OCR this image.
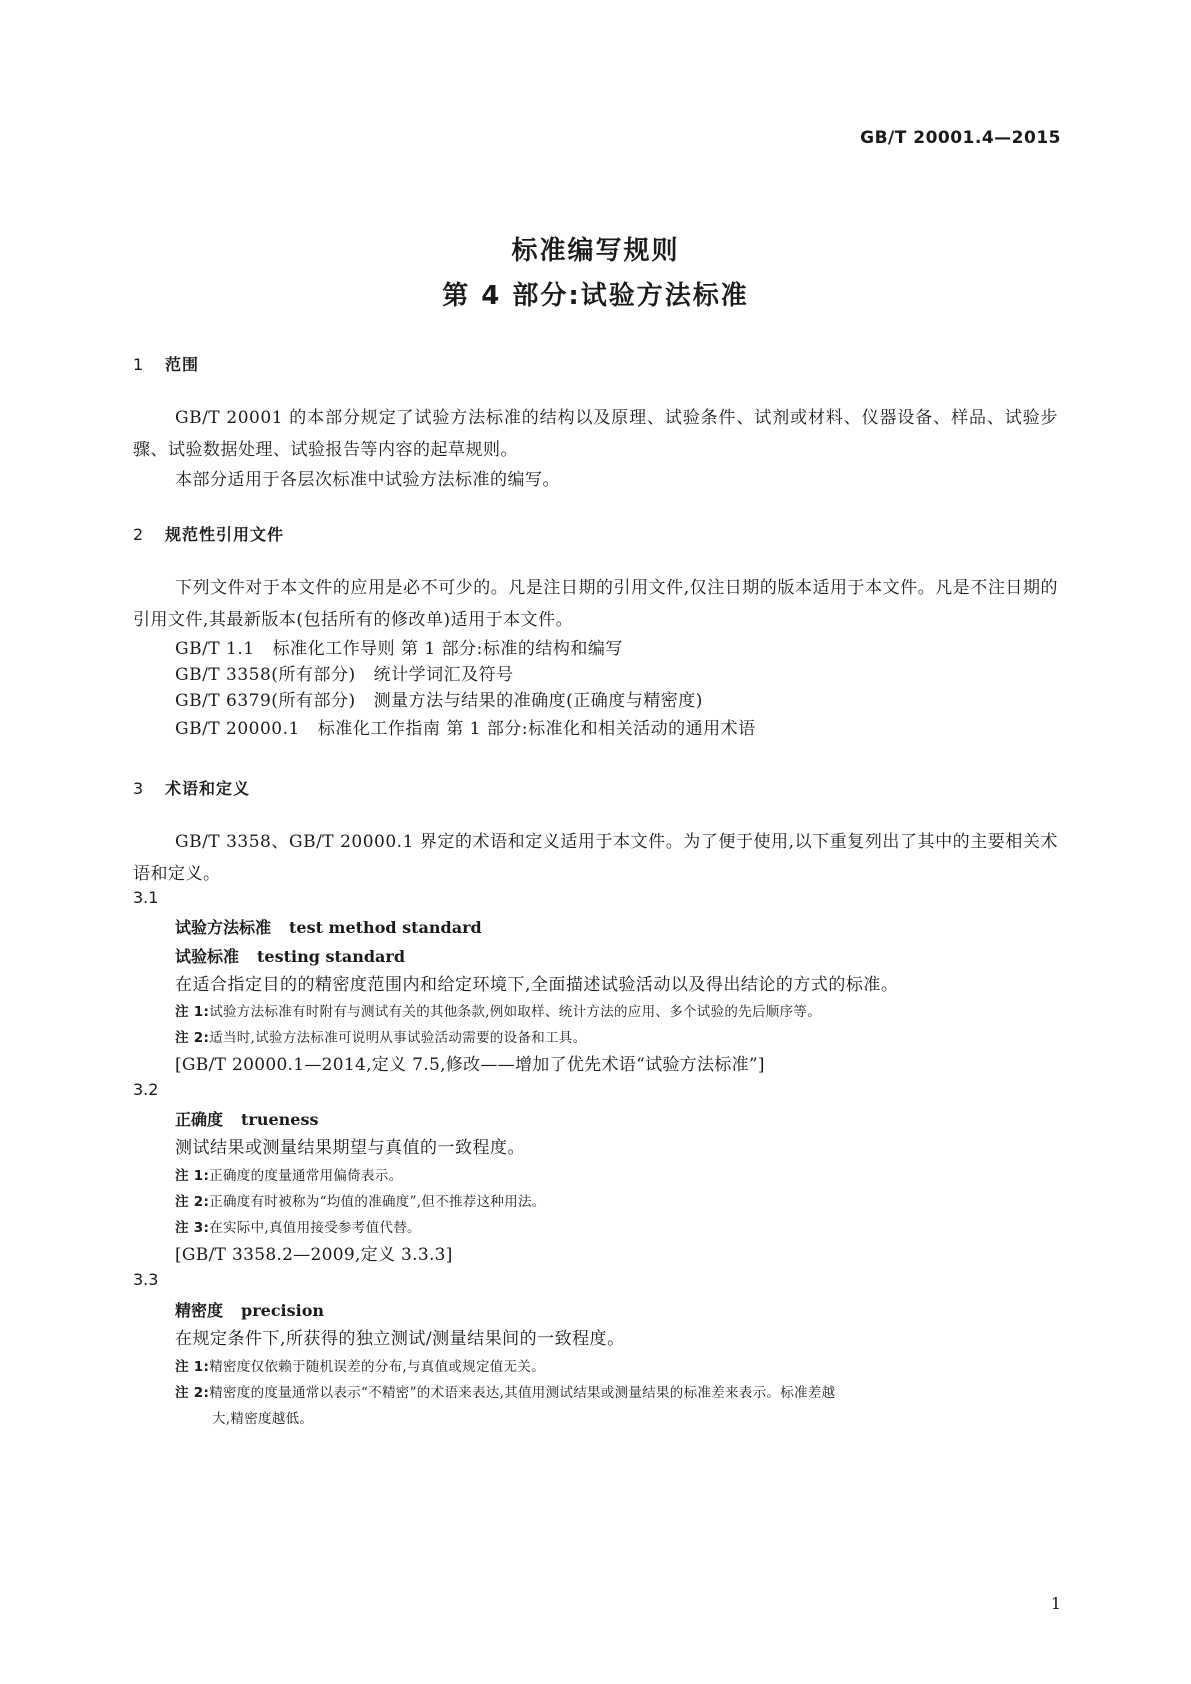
GB/T 20001.4—2015
标准编写规则
第 4 部分:试验方法标准
1 范围
GB/T 20001 的本部分规定了试验方法标准的结构以及原理、试验条件、试剂或材料、仪器设备、样品、试验步骤、试验数据处理、试验报告等内容的起草规则。
本部分适用于各层次标准中试验方法标准的编写。
2 规范性引用文件
下列文件对于本文件的应用是必不可少的。凡是注日期的引用文件,仅注日期的版本适用于本文件。凡是不注日期的引用文件,其最新版本(包括所有的修改单)适用于本文件。
GB/T 1.1 标准化工作导则 第 1 部分:标准的结构和编写
GB/T 3358(所有部分) 统计学词汇及符号
GB/T 6379(所有部分) 测量方法与结果的准确度(正确度与精密度)
GB/T 20000.1 标准化工作指南 第 1 部分:标准化和相关活动的通用术语
3 术语和定义
GB/T 3358、GB/T 20000.1 界定的术语和定义适用于本文件。为了便于使用,以下重复列出了其中的主要相关术语和定义。
3.1
试验方法标准 test method standard
试验标准 testing standard
在适合指定目的的精密度范围内和给定环境下,全面描述试验活动以及得出结论的方式的标准。
注 1:试验方法标准有时附有与测试有关的其他条款,例如取样、统计方法的应用、多个试验的先后顺序等。
注 2:适当时,试验方法标准可说明从事试验活动需要的设备和工具。
[GB/T 20000.1—2014,定义 7.5,修改——增加了优先术语“试验方法标准”]
3.2
正确度 trueness
测试结果或测量结果期望与真值的一致程度。
注 1:正确度的度量通常用偏倚表示。
注 2:正确度有时被称为“均值的准确度”,但不推荐这种用法。
注 3:在实际中,真值用接受参考值代替。
[GB/T 3358.2—2009,定义 3.3.3]
3.3
精密度 precision
在规定条件下,所获得的独立测试/测量结果间的一致程度。
注 1:精密度仅依赖于随机误差的分布,与真值或规定值无关。
注 2:精密度的度量通常以表示“不精密”的术语来表达,其值用测试结果或测量结果的标准差来表示。标准差越
大,精密度越低。
1
